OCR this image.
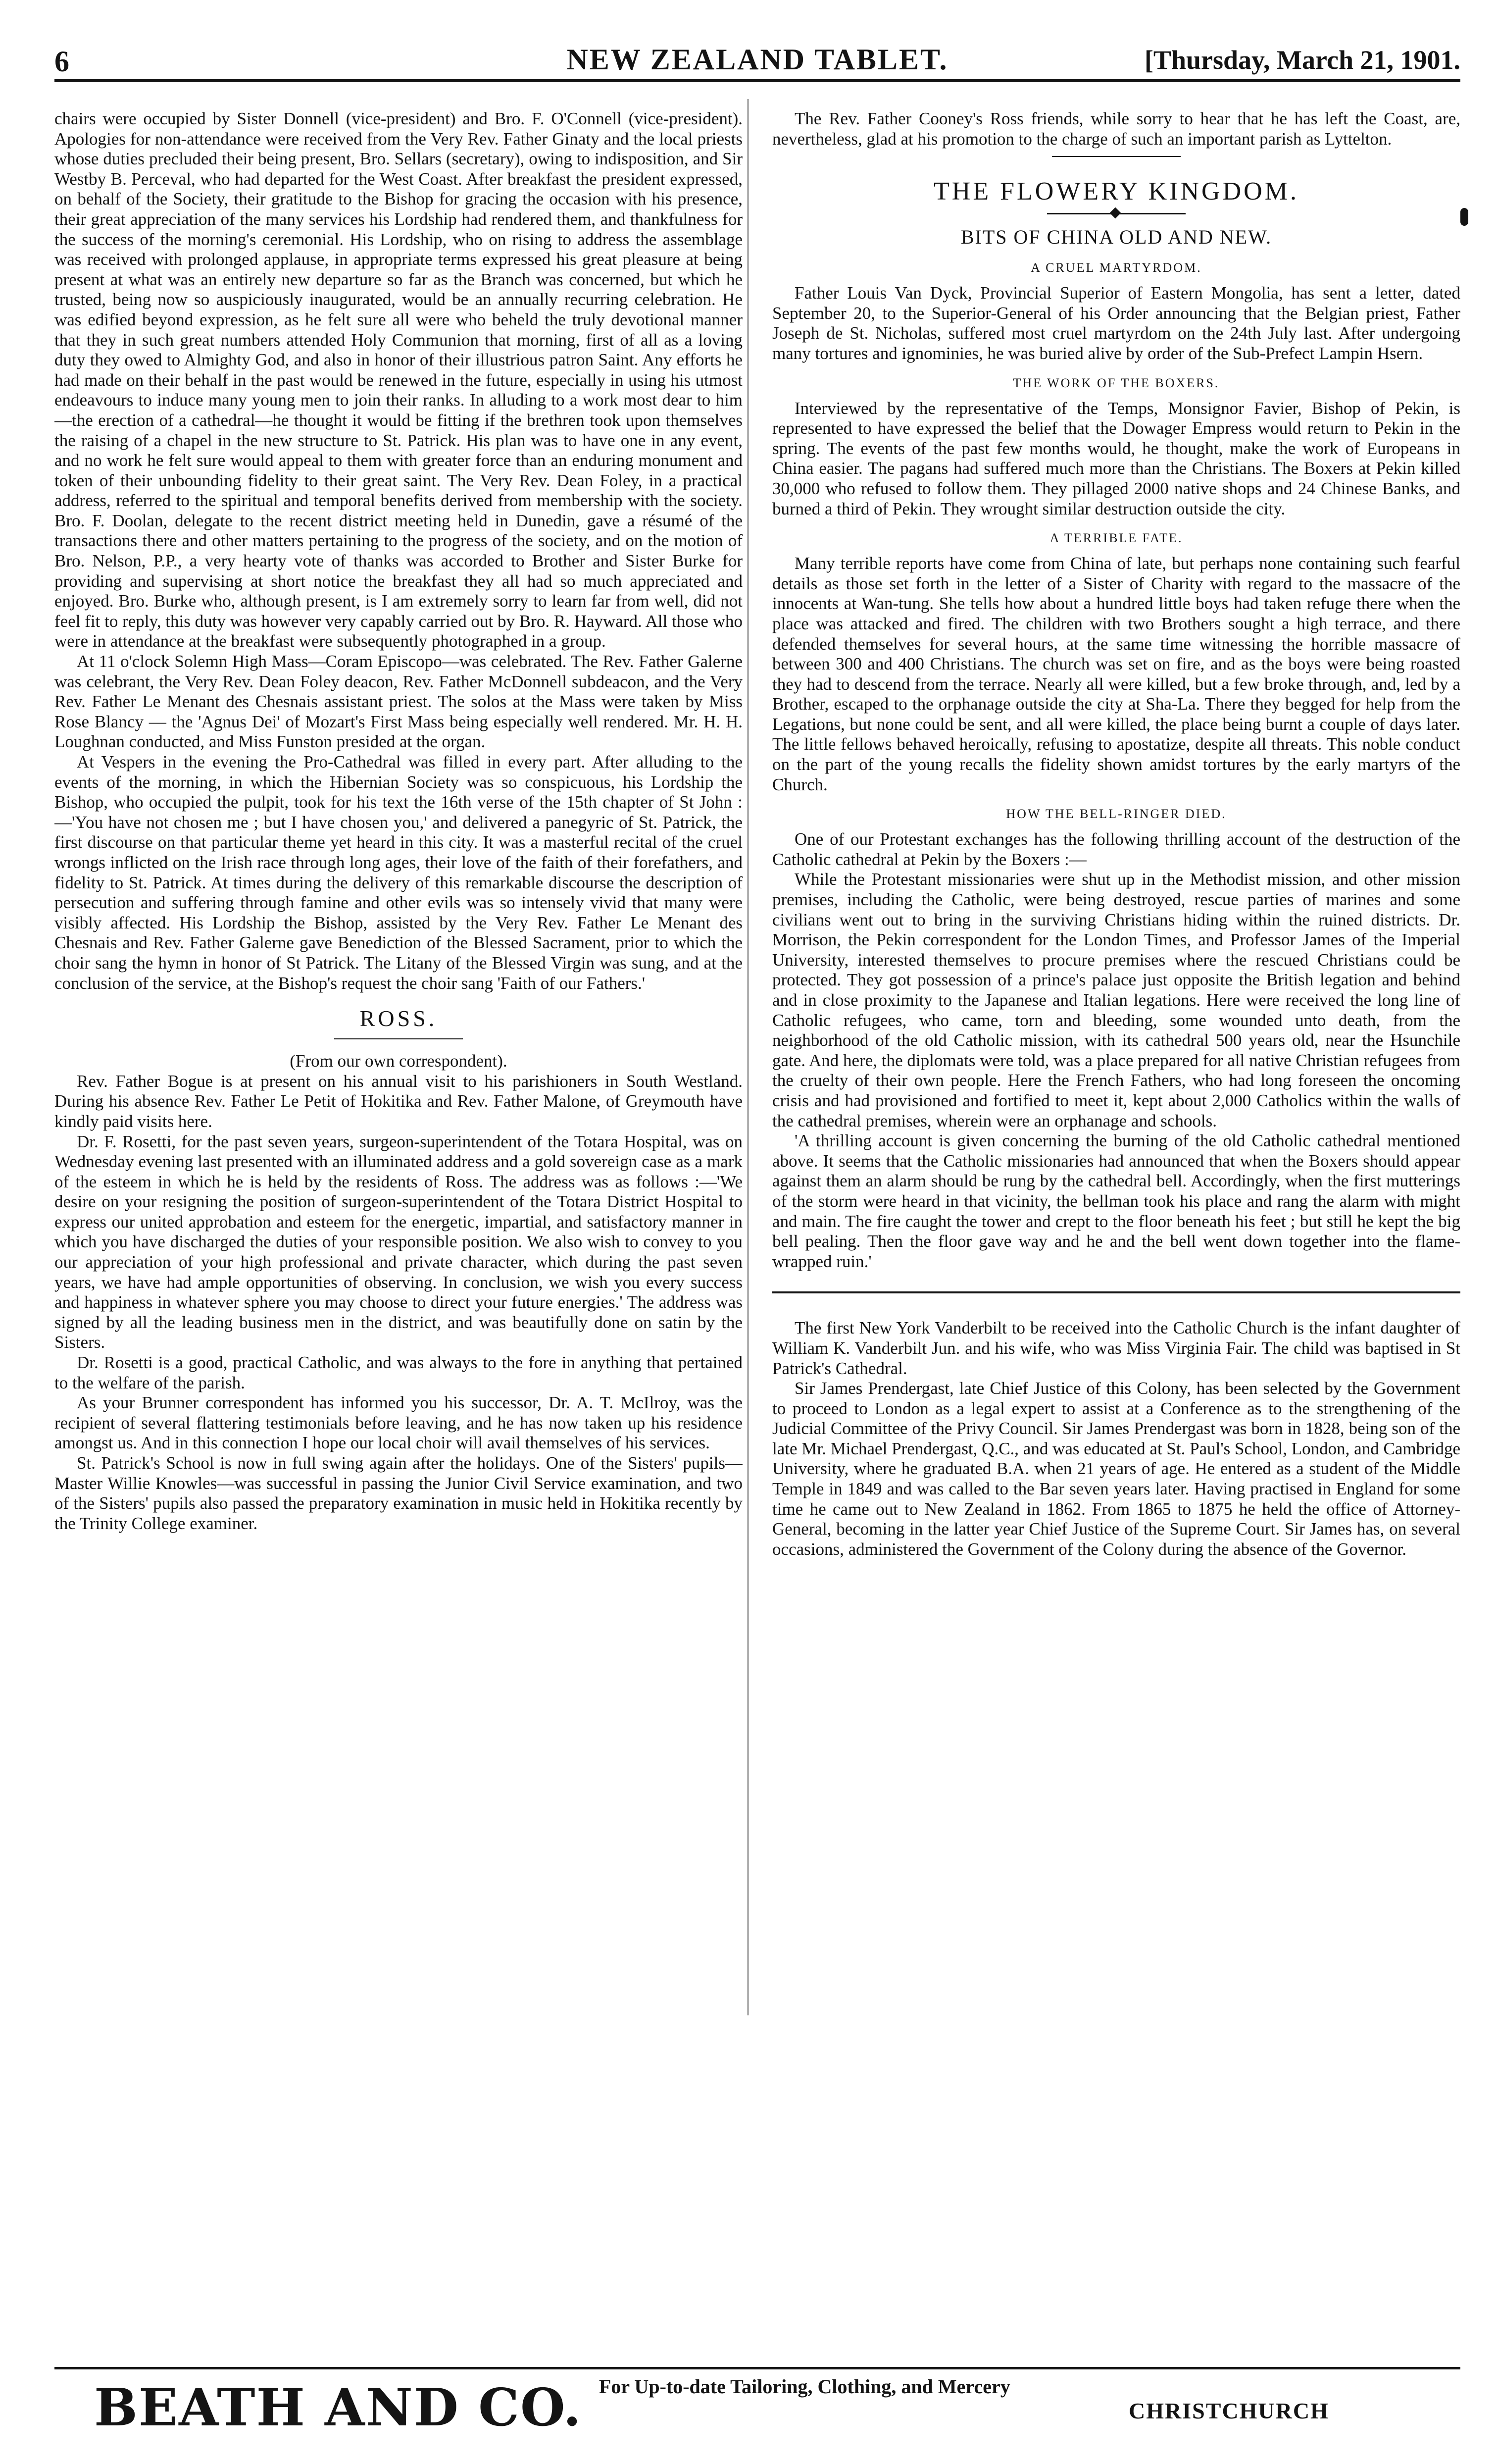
6	NEW ZEALAND TABLET.	[Thursday, March 21, 1901.

chairs were occupied by Sister Donnell (vice-president) and Bro. F. O'Connell (vice-president). Apologies for non-attendance were received from the Very Rev. Father Ginaty and the local priests whose duties precluded their being present, Bro. Sellars (secretary), owing to indisposition, and Sir Westby B. Perceval, who had departed for the West Coast. After breakfast the president expressed, on behalf of the Society, their gratitude to the Bishop for gracing the occasion with his presence, their great appreciation of the many services his Lordship had rendered them, and thankfulness for the success of the morning's ceremonial. His Lordship, who on rising to address the assemblage was received with prolonged applause, in appropriate terms expressed his great pleasure at being present at what was an entirely new departure so far as the Branch was concerned, but which he trusted, being now so auspiciously inaugurated, would be an annually recurring celebration. He was edified beyond expression, as he felt sure all were who beheld the truly devotional manner that they in such great numbers attended Holy Communion that morning, first of all as a loving duty they owed to Almighty God, and also in honor of their illustrious patron Saint. Any efforts he had made on their behalf in the past would be renewed in the future, especially in using his utmost endeavours to induce many young men to join their ranks. In alluding to a work most dear to him—the erection of a cathedral—he thought it would be fitting if the brethren took upon themselves the raising of a chapel in the new structure to St. Patrick. His plan was to have one in any event, and no work he felt sure would appeal to them with greater force than an enduring monument and token of their unbounding fidelity to their great saint. The Very Rev. Dean Foley, in a practical address, referred to the spiritual and temporal benefits derived from membership with the society. Bro. F. Doolan, delegate to the recent district meeting held in Dunedin, gave a résumé of the transactions there and other matters pertaining to the progress of the society, and on the motion of Bro. Nelson, P.P., a very hearty vote of thanks was accorded to Brother and Sister Burke for providing and supervising at short notice the breakfast they all had so much appreciated and enjoyed. Bro. Burke who, although present, is I am extremely sorry to learn far from well, did not feel fit to reply, this duty was however very capably carried out by Bro. R. Hayward. All those who were in attendance at the breakfast were subsequently photographed in a group.

At 11 o'clock Solemn High Mass—Coram Episcopo—was celebrated. The Rev. Father Galerne was celebrant, the Very Rev. Dean Foley deacon, Rev. Father McDonnell subdeacon, and the Very Rev. Father Le Menant des Chesnais assistant priest. The solos at the Mass were taken by Miss Rose Blancy — the 'Agnus Dei' of Mozart's First Mass being especially well rendered. Mr. H. H. Loughnan conducted, and Miss Funston presided at the organ.

At Vespers in the evening the Pro-Cathedral was filled in every part. After alluding to the events of the morning, in which the Hibernian Society was so conspicuous, his Lordship the Bishop, who occupied the pulpit, took for his text the 16th verse of the 15th chapter of St John :—'You have not chosen me ; but I have chosen you,' and delivered a panegyric of St. Patrick, the first discourse on that particular theme yet heard in this city. It was a masterful recital of the cruel wrongs inflicted on the Irish race through long ages, their love of the faith of their forefathers, and fidelity to St. Patrick. At times during the delivery of this remarkable discourse the description of persecution and suffering through famine and other evils was so intensely vivid that many were visibly affected. His Lordship the Bishop, assisted by the Very Rev. Father Le Menant des Chesnais and Rev. Father Galerne gave Benediction of the Blessed Sacrament, prior to which the choir sang the hymn in honor of St Patrick. The Litany of the Blessed Virgin was sung, and at the conclusion of the service, at the Bishop's request the choir sang 'Faith of our Fathers.'

ROSS.

(From our own correspondent).

Rev. Father Bogue is at present on his annual visit to his parishioners in South Westland. During his absence Rev. Father Le Petit of Hokitika and Rev. Father Malone, of Greymouth have kindly paid visits here.

Dr. F. Rosetti, for the past seven years, surgeon-superintendent of the Totara Hospital, was on Wednesday evening last presented with an illuminated address and a gold sovereign case as a mark of the esteem in which he is held by the residents of Ross. The address was as follows :—'We desire on your resigning the position of surgeon-superintendent of the Totara District Hospital to express our united approbation and esteem for the energetic, impartial, and satisfactory manner in which you have discharged the duties of your responsible position. We also wish to convey to you our appreciation of your high professional and private character, which during the past seven years, we have had ample opportunities of observing. In conclusion, we wish you every success and happiness in whatever sphere you may choose to direct your future energies.' The address was signed by all the leading business men in the district, and was beautifully done on satin by the Sisters.

Dr. Rosetti is a good, practical Catholic, and was always to the fore in anything that pertained to the welfare of the parish.

As your Brunner correspondent has informed you his successor, Dr. A. T. McIlroy, was the recipient of several flattering testimonials before leaving, and he has now taken up his residence amongst us. And in this connection I hope our local choir will avail themselves of his services.

St. Patrick's School is now in full swing again after the holidays. One of the Sisters' pupils—Master Willie Knowles—was successful in passing the Junior Civil Service examination, and two of the Sisters' pupils also passed the preparatory examination in music held in Hokitika recently by the Trinity College examiner.

The Rev. Father Cooney's Ross friends, while sorry to hear that he has left the Coast, are, nevertheless, glad at his promotion to the charge of such an important parish as Lyttelton.

THE FLOWERY KINGDOM.
BITS OF CHINA OLD AND NEW.
A CRUEL MARTYRDOM.

Father Louis Van Dyck, Provincial Superior of Eastern Mongolia, has sent a letter, dated September 20, to the Superior-General of his Order announcing that the Belgian priest, Father Joseph de St. Nicholas, suffered most cruel martyrdom on the 24th July last. After undergoing many tortures and ignominies, he was buried alive by order of the Sub-Prefect Lampin Hsern.

THE WORK OF THE BOXERS.

Interviewed by the representative of the Temps, Monsignor Favier, Bishop of Pekin, is represented to have expressed the belief that the Dowager Empress would return to Pekin in the spring. The events of the past few months would, he thought, make the work of Europeans in China easier. The pagans had suffered much more than the Christians. The Boxers at Pekin killed 30,000 who refused to follow them. They pillaged 2000 native shops and 24 Chinese Banks, and burned a third of Pekin. They wrought similar destruction outside the city.

A TERRIBLE FATE.

Many terrible reports have come from China of late, but perhaps none containing such fearful details as those set forth in the letter of a Sister of Charity with regard to the massacre of the innocents at Wan-tung. She tells how about a hundred little boys had taken refuge there when the place was attacked and fired. The children with two Brothers sought a high terrace, and there defended themselves for several hours, at the same time witnessing the horrible massacre of between 300 and 400 Christians. The church was set on fire, and as the boys were being roasted they had to descend from the terrace. Nearly all were killed, but a few broke through, and, led by a Brother, escaped to the orphanage outside the city at Sha-La. There they begged for help from the Legations, but none could be sent, and all were killed, the place being burnt a couple of days later. The little fellows behaved heroically, refusing to apostatize, despite all threats. This noble conduct on the part of the young recalls the fidelity shown amidst tortures by the early martyrs of the Church.

HOW THE BELL-RINGER DIED.

One of our Protestant exchanges has the following thrilling account of the destruction of the Catholic cathedral at Pekin by the Boxers :—

While the Protestant missionaries were shut up in the Methodist mission, and other mission premises, including the Catholic, were being destroyed, rescue parties of marines and some civilians went out to bring in the surviving Christians hiding within the ruined districts. Dr. Morrison, the Pekin correspondent for the London Times, and Professor James of the Imperial University, interested themselves to procure premises where the rescued Christians could be protected. They got possession of a prince's palace just opposite the British legation and behind and in close proximity to the Japanese and Italian legations. Here were received the long line of Catholic refugees, who came, torn and bleeding, some wounded unto death, from the neighborhood of the old Catholic mission, with its cathedral 500 years old, near the Hsunchile gate. And here, the diplomats were told, was a place prepared for all native Christian refugees from the cruelty of their own people. Here the French Fathers, who had long foreseen the oncoming crisis and had provisioned and fortified to meet it, kept about 2,000 Catholics within the walls of the cathedral premises, wherein were an orphanage and schools.

'A thrilling account is given concerning the burning of the old Catholic cathedral mentioned above. It seems that the Catholic missionaries had announced that when the Boxers should appear against them an alarm should be rung by the cathedral bell. Accordingly, when the first mutterings of the storm were heard in that vicinity, the bellman took his place and rang the alarm with might and main. The fire caught the tower and crept to the floor beneath his feet ; but still he kept the big bell pealing. Then the floor gave way and he and the bell went down together into the flame-wrapped ruin.'

The first New York Vanderbilt to be received into the Catholic Church is the infant daughter of William K. Vanderbilt Jun. and his wife, who was Miss Virginia Fair. The child was baptised in St Patrick's Cathedral.

Sir James Prendergast, late Chief Justice of this Colony, has been selected by the Government to proceed to London as a legal expert to assist at a Conference as to the strengthening of the Judicial Committee of the Privy Council. Sir James Prendergast was born in 1828, being son of the late Mr. Michael Prendergast, Q.C., and was educated at St. Paul's School, London, and Cambridge University, where he graduated B.A. when 21 years of age. He entered as a student of the Middle Temple in 1849 and was called to the Bar seven years later. Having practised in England for some time he came out to New Zealand in 1862. From 1865 to 1875 he held the office of Attorney-General, becoming in the latter year Chief Justice of the Supreme Court. Sir James has, on several occasions, administered the Government of the Colony during the absence of the Governor.

BEATH AND CO. For Up-to-date Tailoring, Clothing, and Mercery
CHRISTCHURCH
